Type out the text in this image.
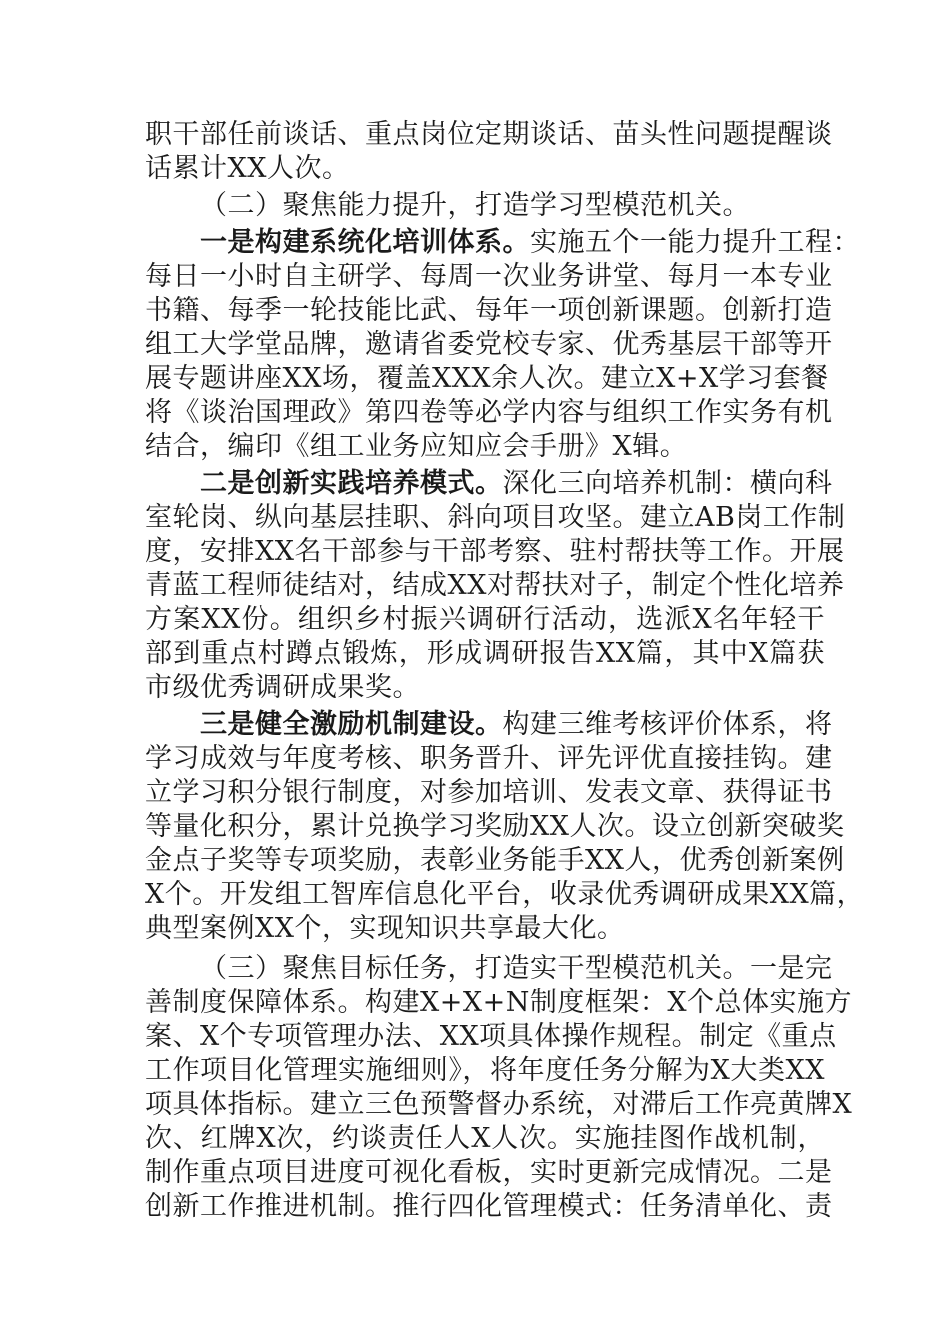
职干部任前谈话、重点岗位定期谈话、苗头性问题提醒谈
话累计XX人次。
（二）聚焦能力提升，打造学习型模范机关。
一是构建系统化培训体系。实施五个一能力提升工程：
每日一小时自主研学、每周一次业务讲堂、每月一本专业
书籍、每季一轮技能比武、每年一项创新课题。创新打造
组工大学堂品牌，邀请省委党校专家、优秀基层干部等开
展专题讲座XX场，覆盖XXX余人次。建立X+X学习套餐
将《谈治国理政》第四卷等必学内容与组织工作实务有机
结合，编印《组工业务应知应会手册》X辑。
二是创新实践培养模式。深化三向培养机制：横向科
室轮岗、纵向基层挂职、斜向项目攻坚。建立AB岗工作制
度，安排XX名干部参与干部考察、驻村帮扶等工作。开展
青蓝工程师徒结对，结成XX对帮扶对子，制定个性化培养
方案XX份。组织乡村振兴调研行活动，选派X名年轻干
部到重点村蹲点锻炼，形成调研报告XX篇，其中X篇获
市级优秀调研成果奖。
三是健全激励机制建设。构建三维考核评价体系，将
学习成效与年度考核、职务晋升、评先评优直接挂钩。建
立学习积分银行制度，对参加培训、发表文章、获得证书
等量化积分，累计兑换学习奖励XX人次。设立创新突破奖
金点子奖等专项奖励，表彰业务能手XX人，优秀创新案例
X个。开发组工智库信息化平台，收录优秀调研成果XX篇，
典型案例XX个，实现知识共享最大化。
（三）聚焦目标任务，打造实干型模范机关。一是完
善制度保障体系。构建X+X+N制度框架：X个总体实施方
案、X个专项管理办法、XX项具体操作规程。制定《重点
工作项目化管理实施细则》，将年度任务分解为X大类XX
项具体指标。建立三色预警督办系统，对滞后工作亮黄牌X
次、红牌X次，约谈责任人X人次。实施挂图作战机制，
制作重点项目进度可视化看板，实时更新完成情况。二是
创新工作推进机制。推行四化管理模式：任务清单化、责
